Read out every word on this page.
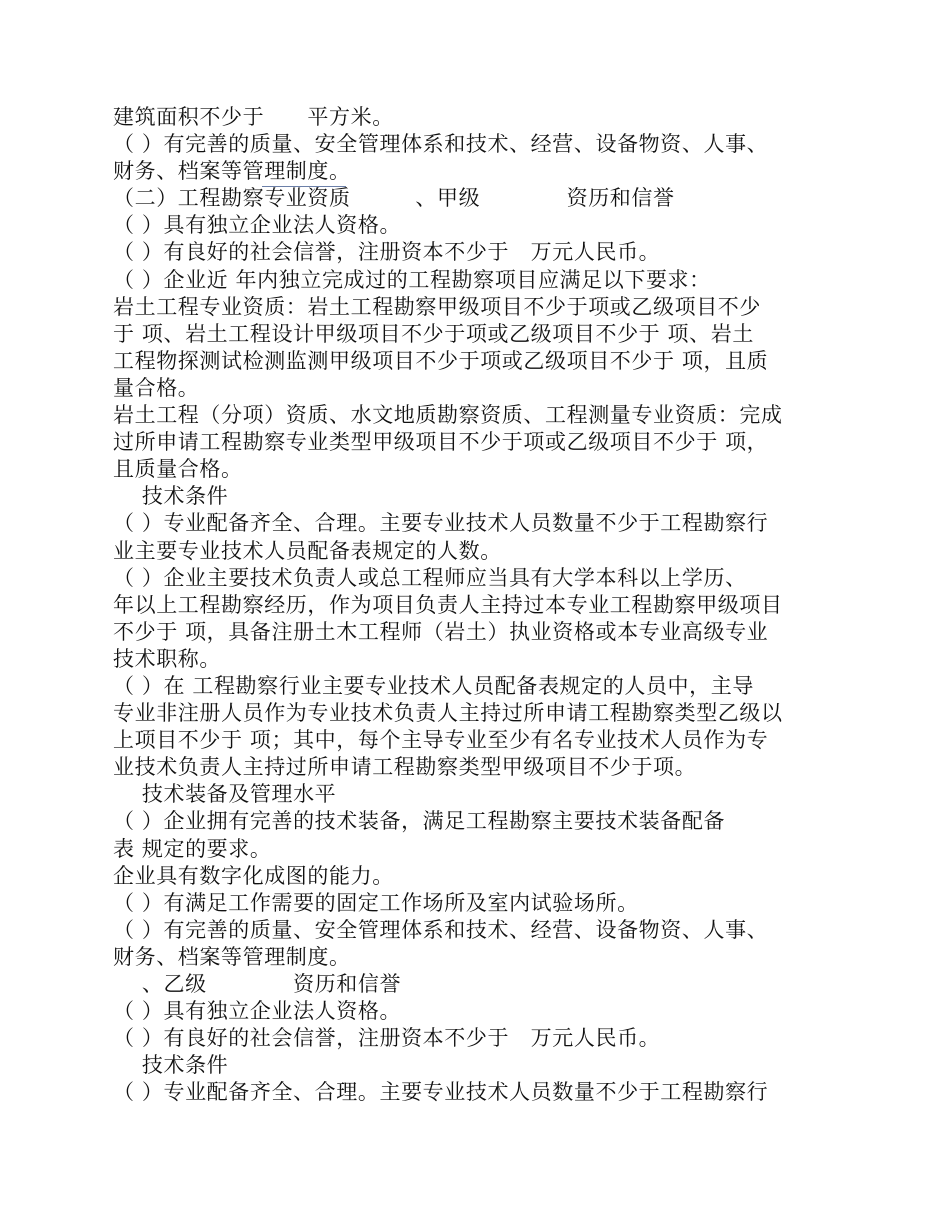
建筑面积不少于　　平方米。
（ ）有完善的质量、安全管理体系和技术、经营、设备物资、人事、
财务、档案等管理制度。
（二）工程勘察专业资质　　　、甲级　　　　资历和信誉
（ ）具有独立企业法人资格。
（ ）有良好的社会信誉，注册资本不少于　万元人民币。
（ ）企业近 年内独立完成过的工程勘察项目应满足以下要求：
岩土工程专业资质：岩土工程勘察甲级项目不少于项或乙级项目不少
于 项、岩土工程设计甲级项目不少于项或乙级项目不少于 项、岩土
工程物探测试检测监测甲级项目不少于项或乙级项目不少于 项，且质
量合格。
岩土工程（分项）资质、水文地质勘察资质、工程测量专业资质：完成
过所申请工程勘察专业类型甲级项目不少于项或乙级项目不少于 项，
且质量合格。
　 技术条件
（ ）专业配备齐全、合理。主要专业技术人员数量不少于工程勘察行
业主要专业技术人员配备表规定的人数。
（ ）企业主要技术负责人或总工程师应当具有大学本科以上学历、
年以上工程勘察经历，作为项目负责人主持过本专业工程勘察甲级项目
不少于 项，具备注册土木工程师（岩土）执业资格或本专业高级专业
技术职称。
（ ）在 工程勘察行业主要专业技术人员配备表规定的人员中，主导
专业非注册人员作为专业技术负责人主持过所申请工程勘察类型乙级以
上项目不少于 项；其中，每个主导专业至少有名专业技术人员作为专
业技术负责人主持过所申请工程勘察类型甲级项目不少于项。
　 技术装备及管理水平
（ ）企业拥有完善的技术装备，满足工程勘察主要技术装备配备
表 规定的要求。
企业具有数字化成图的能力。
（ ）有满足工作需要的固定工作场所及室内试验场所。
（ ）有完善的质量、安全管理体系和技术、经营、设备物资、人事、
财务、档案等管理制度。
　 、乙级　　　　资历和信誉
（ ）具有独立企业法人资格。
（ ）有良好的社会信誉，注册资本不少于　万元人民币。
　 技术条件
（ ）专业配备齐全、合理。主要专业技术人员数量不少于工程勘察行
